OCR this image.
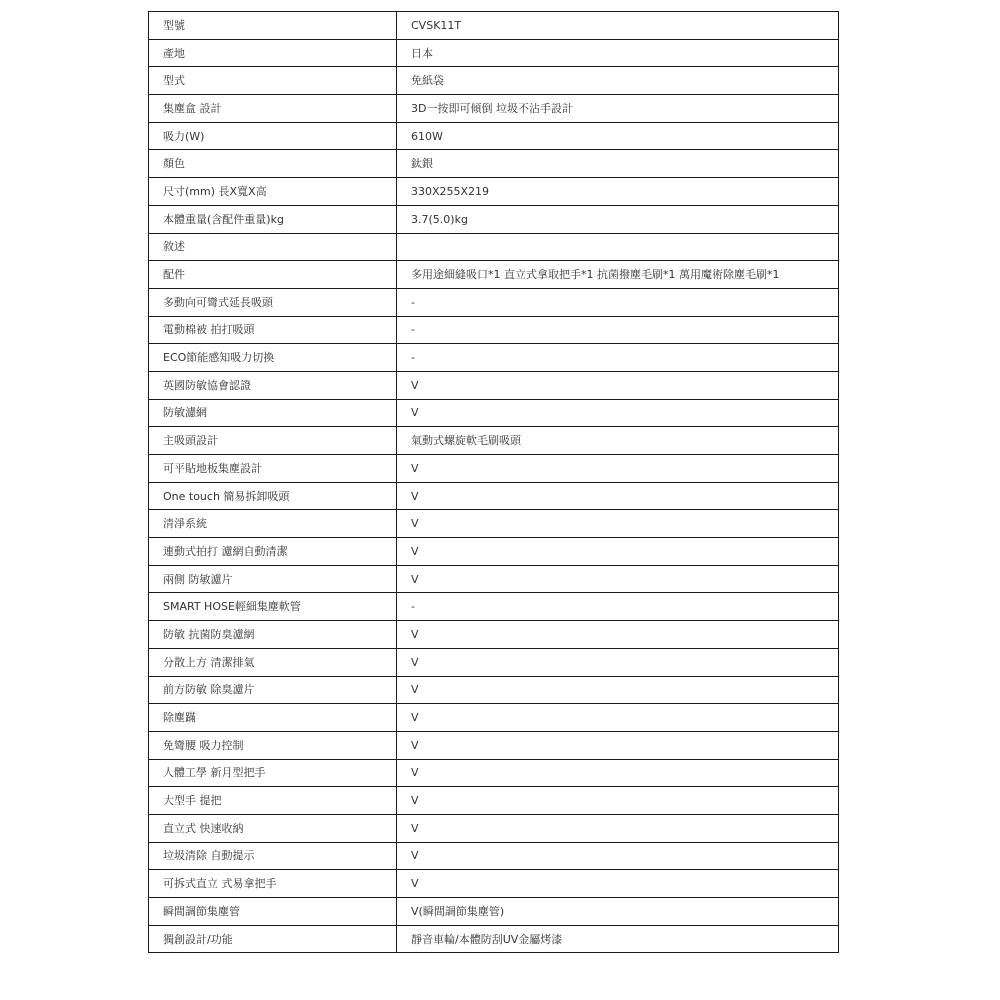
型號	CVSK11T
產地	日本
型式	免紙袋
集塵盒 設計	3D一按即可傾倒 垃圾不沾手設計
吸力(W)	610W
顏色	鈦銀
尺寸(mm) 長X寬X高	330X255X219
本體重量(含配件重量)kg	3.7(5.0)kg
敘述	
配件	多用途細縫吸口*1 直立式拿取把手*1 抗菌撥塵毛刷*1 萬用魔術除塵毛刷*1
多動向可彎式延長吸頭	-
電動棉被 拍打吸頭	-
ECO節能感知吸力切換	-
英國防敏協會認證	V
防敏濾網	V
主吸頭設計	氣動式螺旋軟毛刷吸頭
可平貼地板集塵設計	V
One touch 簡易拆卸吸頭	V
清淨系統	V
連動式拍打 濾網自動清潔	V
兩側 防敏濾片	V
SMART HOSE輕細集塵軟管	-
防敏 抗菌防臭濾網	V
分散上方 清潔排氣	V
前方防敏 除臭濾片	V
除塵蹣	V
免彎腰 吸力控制	V
人體工學 新月型把手	V
大型手 提把	V
直立式 快速收納	V
垃圾清除 自動提示	V
可拆式直立 式易拿把手	V
瞬間調節集塵管	V(瞬間調節集塵管)
獨創設計/功能	靜音車輪/本體防刮UV金屬烤漆
